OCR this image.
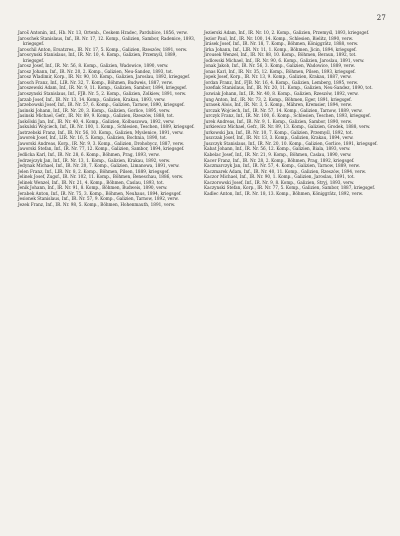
27

Jaroš Antonín, inf., Hb. Nr. 13, Ortenb., Ceskem Hradec, Pardubice, 1856, verw.

Jaroschek Stanislaus, Inf., IR. Nr. 17, 12. Komp., Galizien, Sambor, Radenice, 1893, kriegsgef.

Jaroschil Anton, Ersatzres., IR. Nr. 17, 5. Komp., Galizien, Rzeszów, 1891, verw.

Jaroscynski Stanislaus, Inf., IR. Nr. 10, 4. Komp., Galizien, Przemyśl, 1889, kriegsgef.

Jarosz Josef, Inf., IR. Nr. 56, 8. Komp., Galizien, Wadowice, 1890, verw.

Jarosz Johann, Inf., IR. Nr. 20, 2. Komp., Galizien, Neu-Sandez, 1893, tot.

Jarosz Wladimir, Korp., IR. Nr. 90, 10. Komp., Galizien, Jaroslau, 1892, kriegsgef.

Jarosch Franz, Inf., LIR. Nr. 32, 7. Komp., Böhmen, Budweis, 1887, verw.

Jaroszewski Adam, Inf., IR. Nr. 9, 11. Komp., Galizien, Sambor, 1894, kriegsgef.

Jaroszynski Stanislaus, Inf., FJB. Nr. 5, 2. Komp., Galizien, Zolkiew, 1891, verw.

Jarzab Josef, Inf., IR. Nr. 13, 14. Komp., Galizien, Krakau, 1893, verw.

Jarzebowski Josef, Inf., IR. Nr. 57, 6. Komp., Galizien, Tarnow, 1890, kriegsgef.

Jasinski Johann, Inf., IR. Nr. 20, 3. Komp., Galizien, Gorlice, 1895, verw.

Jasinski Michael, Gefr., IR. Nr. 89, 9. Komp., Galizien, Rzeszów, 1888, tot.

Jaskólski Jan, Inf., IR. Nr. 40, 4. Komp., Galizien, Kolbuszowa, 1892, verw.

Jaskulski Wojciech, Inf., IR. Nr. 100, 1. Komp., Schlesien, Teschen, 1889, kriegsgef.

Jastrzebski Franz, Inf., IR. Nr. 56, 10. Komp., Galizien, Myslenice, 1891, verw.

Jaworek Josef, Inf., LIR. Nr. 16, 5. Komp., Galizien, Bochnia, 1890, tot.

Jaworski Andreas, Korp., IR. Nr. 9, 3. Komp., Galizien, Drohobycz, 1887, verw.

Jaworski Stefan, Inf., IR. Nr. 77, 12. Komp., Galizien, Sambor, 1894, kriegsgef.

Jedlicka Karl, Inf., IR. Nr. 28, 6. Komp., Böhmen, Prag, 1893, verw.

Jedrzejczyk Jan, Inf., IR. Nr. 13, 1. Komp., Galizien, Krakau, 1892, verw.

Jedynak Michael, Inf., IR. Nr. 20, 7. Komp., Galizien, Limanowa, 1891, verw.

Jelen Franz, Inf., LIR. Nr. 8, 2. Komp., Böhmen, Pilsen, 1889, kriegsgef.

Jelinek Josef, Zugsf., IR. Nr. 102, 11. Komp., Böhmen, Beneschau, 1886, verw.

Jelinek Wenzel, Inf., IR. Nr. 21, 4. Komp., Böhmen, Caslau, 1893, tot.

Jenik Johann, Inf., IR. Nr. 91, 8. Komp., Böhmen, Budweis, 1890, verw.

Jerabek Anton, Inf., IR. Nr. 75, 3. Komp., Böhmen, Neuhaus, 1894, kriegsgef.

Jesionek Stanislaus, Inf., IR. Nr. 57, 9. Komp., Galizien, Tarnow, 1892, verw.

Jezek Franz, Inf., IR. Nr. 98, 5. Komp., Böhmen, Hohenmauth, 1891, verw.

Jezierski Adam, Inf., IR. Nr. 10, 2. Komp., Galizien, Przemyśl, 1893, kriegsgef.

Jezior Paul, Inf., IR. Nr. 100, 14. Komp., Schlesien, Bielitz, 1890, verw.

Jirásek Josef, Inf., IR. Nr. 18, 7. Komp., Böhmen, Königgrätz, 1888, verw.

Jirka Johann, Inf., LIR. Nr. 11, 1. Komp., Böhmen, Jicin, 1894, kriegsgef.

Jirousek Wenzel, Inf., IR. Nr. 88, 10. Komp., Böhmen, Beraun, 1892, tot.

Jodlowski Michael, Inf., IR. Nr. 90, 6. Komp., Galizien, Jaroslau, 1891, verw.

Jonak Jakob, Inf., IR. Nr. 56, 3. Komp., Galizien, Wadowice, 1889, verw.

Jonas Karl, Inf., IR. Nr. 35, 12. Komp., Böhmen, Pilsen, 1893, kriegsgef.

Jopek Josef, Korp., IR. Nr. 13, 9. Komp., Galizien, Krakau, 1887, verw.

Jordan Franz, Inf., FJB. Nr. 16, 4. Komp., Galizien, Lemberg, 1895, verw.

Jozefiak Stanislaus, Inf., IR. Nr. 20, 11. Komp., Galizien, Neu-Sandez, 1890, tot.

Jozwiak Johann, Inf., IR. Nr. 40, 8. Komp., Galizien, Rzeszów, 1892, verw.

Jung Anton, Inf., IR. Nr. 73, 2. Komp., Böhmen, Eger, 1891, kriegsgef.

Jurasek Alois, Inf., IR. Nr. 3, 5. Komp., Mähren, Kremsier, 1894, verw.

Jurczak Wojciech, Inf., IR. Nr. 57, 14. Komp., Galizien, Tarnow, 1889, verw.

Jurczyk Franz, Inf., IR. Nr. 100, 6. Komp., Schlesien, Teschen, 1893, kriegsgef.

Jurek Andreas, Inf., IR. Nr. 9, 1. Komp., Galizien, Sambor, 1890, verw.

Jurkiewicz Michael, Gefr., IR. Nr. 89, 13. Komp., Galizien, Grodek, 1888, verw.

Jurkowski Jan, Inf., IR. Nr. 10, 7. Komp., Galizien, Przemyśl, 1892, tot.

Juszczak Josef, Inf., IR. Nr. 13, 3. Komp., Galizien, Krakau, 1894, verw.

Juszczyk Stanislaus, Inf., IR. Nr. 20, 10. Komp., Galizien, Gorlice, 1891, kriegsgef.

Kabat Johann, Inf., IR. Nr. 56, 12. Komp., Galizien, Biala, 1893, verw.

Kabelac Josef, Inf., IR. Nr. 21, 9. Komp., Böhmen, Caslau, 1890, verw.

Kacer Franz, Inf., IR. Nr. 28, 2. Komp., Böhmen, Prag, 1892, kriegsgef.

Kaczmarczyk Jan, Inf., IR. Nr. 57, 4. Komp., Galizien, Tarnow, 1889, verw.

Kaczmarek Adam, Inf., IR. Nr. 40, 11. Komp., Galizien, Rzeszów, 1894, verw.

Kaczor Michael, Inf., IR. Nr. 90, 1. Komp., Galizien, Jaroslau, 1891, tot.

Kaczorowski Josef, Inf., IR. Nr. 9, 8. Komp., Galizien, Stryj, 1893, verw.

Kaczynski Stefan, Korp., IR. Nr. 77, 5. Komp., Galizien, Sambor, 1887, kriegsgef.

Kadlec Anton, Inf., IR. Nr. 18, 13. Komp., Böhmen, Königgrätz, 1892, verw.
